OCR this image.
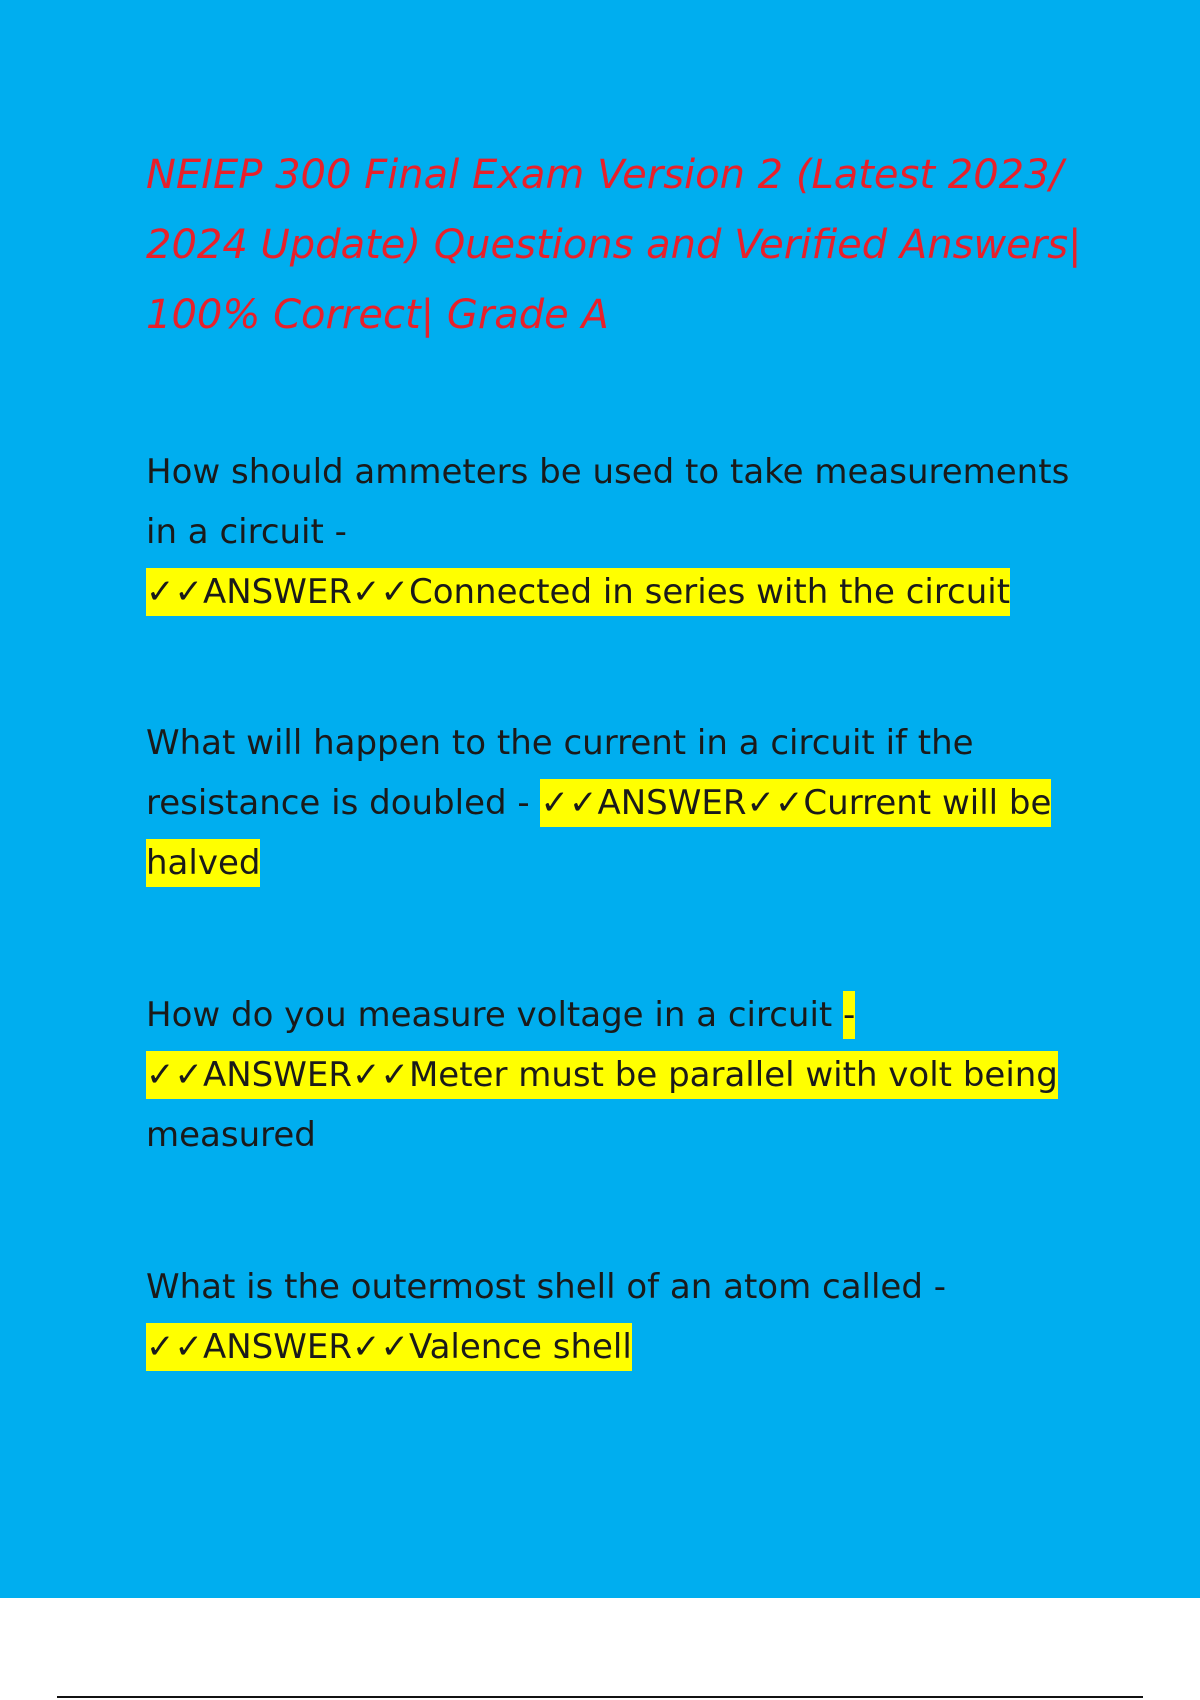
NEIEP 300 Final Exam Version 2 (Latest 2023/ 2024 Update) Questions and Verified Answers| 100% Correct| Grade A

How should ammeters be used to take measurements in a circuit -
✓✓ANSWER✓✓Connected in series with the circuit

What will happen to the current in a circuit if the resistance is doubled - ✓✓ANSWER✓✓Current will be halved

How do you measure voltage in a circuit -
✓✓ANSWER✓✓Meter must be parallel with volt being measured

What is the outermost shell of an atom called -
✓✓ANSWER✓✓Valence shell
